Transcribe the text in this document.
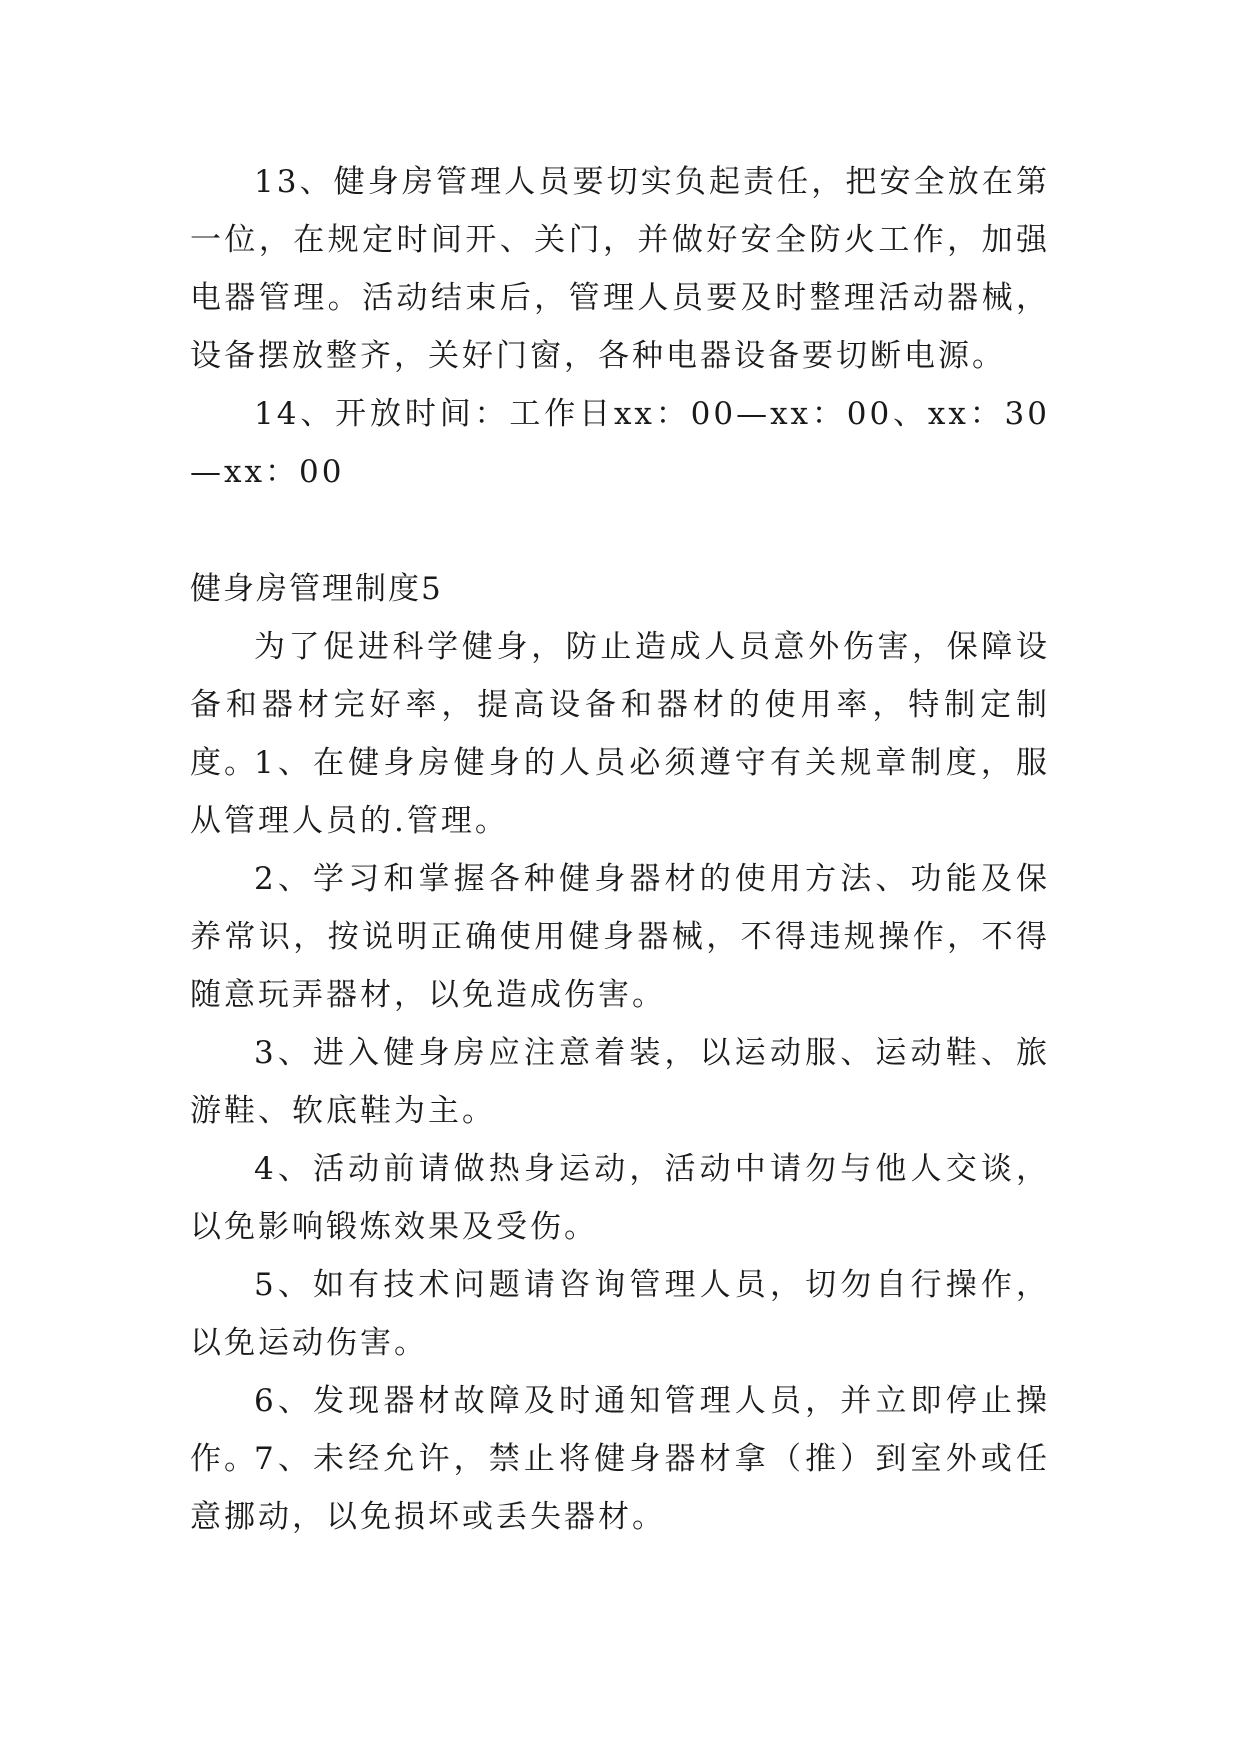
13、健身房管理人员要切实负起责任，把安全放在第一位，在规定时间开、关门，并做好安全防火工作，加强电器管理。活动结束后，管理人员要及时整理活动器械，设备摆放整齐，关好门窗，各种电器设备要切断电源。

14、开放时间：工作日xx：00—xx：00、xx：30—xx：00

健身房管理制度5

为了促进科学健身，防止造成人员意外伤害，保障设备和器材完好率，提高设备和器材的使用率，特制定制度。

1、在健身房健身的人员必须遵守有关规章制度，服从管理人员的.管理。

2、学习和掌握各种健身器材的使用方法、功能及保养常识，按说明正确使用健身器械，不得违规操作，不得随意玩弄器材，以免造成伤害。

3、进入健身房应注意着装，以运动服、运动鞋、旅游鞋、软底鞋为主。

4、活动前请做热身运动，活动中请勿与他人交谈，以免影响锻炼效果及受伤。

5、如有技术问题请咨询管理人员，切勿自行操作，以免运动伤害。

6、发现器材故障及时通知管理人员，并立即停止操作。

7、未经允许，禁止将健身器材拿（推）到室外或任意挪动，以免损坏或丢失器材。
